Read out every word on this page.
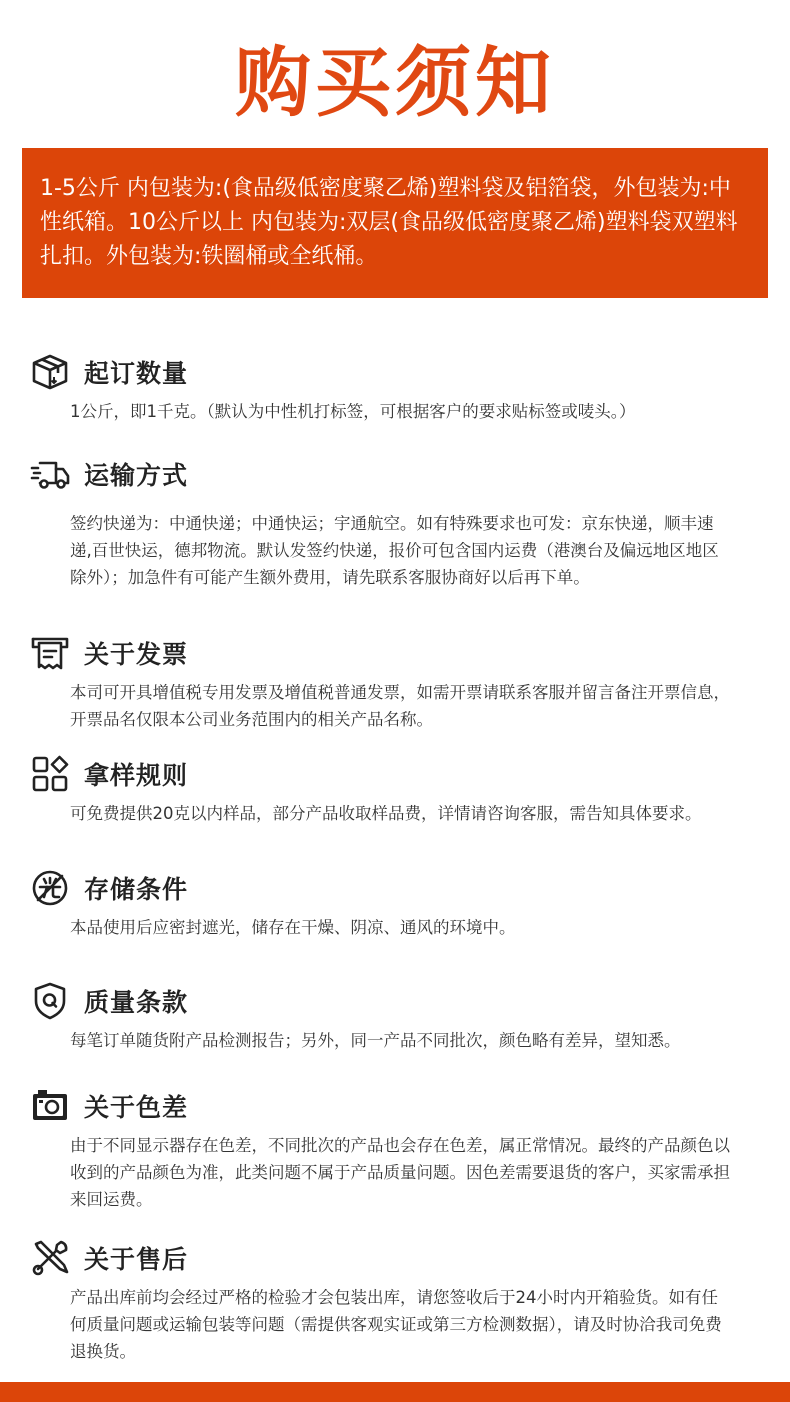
购买须知
1-5公斤 内包装为:(食品级低密度聚乙烯)塑料袋及铝箔袋，外包装为:中性纸箱。10公斤以上 内包装为:双层(食品级低密度聚乙烯)塑料袋双塑料扎扣。外包装为:铁圈桶或全纸桶。
起订数量
1公斤，即1千克。（默认为中性机打标签，可根据客户的要求贴标签或唛头。）
运输方式
签约快递为：中通快递；中通快运；宇通航空。如有特殊要求也可发：京东快递，顺丰速递,百世快运，德邦物流。默认发签约快递，报价可包含国内运费（港澳台及偏远地区地区除外）；加急件有可能产生额外费用，请先联系客服协商好以后再下单。
关于发票
本司可开具增值税专用发票及增值税普通发票，如需开票请联系客服并留言备注开票信息，开票品名仅限本公司业务范围内的相关产品名称。
拿样规则
可免费提供20克以内样品，部分产品收取样品费，详情请咨询客服，需告知具体要求。
存储条件
本品使用后应密封遮光，储存在干燥、阴凉、通风的环境中。
质量条款
每笔订单随货附产品检测报告；另外，同一产品不同批次，颜色略有差异，望知悉。
关于色差
由于不同显示器存在色差，不同批次的产品也会存在色差，属正常情况。最终的产品颜色以收到的产品颜色为准，此类问题不属于产品质量问题。因色差需要退货的客户，买家需承担来回运费。
关于售后
产品出库前均会经过严格的检验才会包装出库，请您签收后于24小时内开箱验货。如有任何质量问题或运输包装等问题（需提供客观实证或第三方检测数据），请及时协洽我司免费退换货。
